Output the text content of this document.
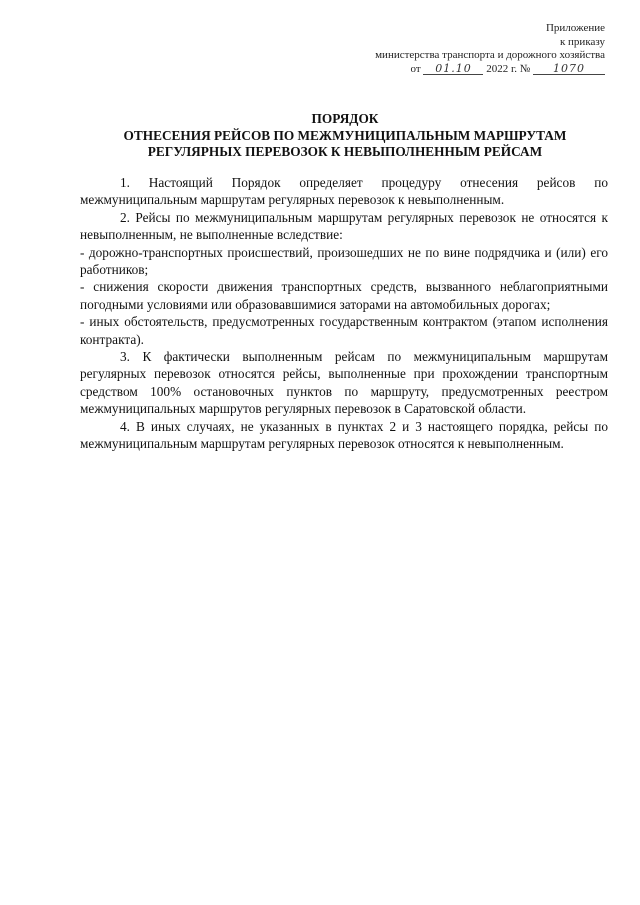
Приложение
к приказу
министерства транспорта и дорожного хозяйства
от 01.10 2022 г. № 1070
ПОРЯДОК
ОТНЕСЕНИЯ РЕЙСОВ ПО МЕЖМУНИЦИПАЛЬНЫМ МАРШРУТАМ
РЕГУЛЯРНЫХ ПЕРЕВОЗОК К НЕВЫПОЛНЕННЫМ РЕЙСАМ

1. Настоящий Порядок определяет процедуру отнесения рейсов по межмуниципальным маршрутам регулярных перевозок к невыполненным.

2. Рейсы по межмуниципальным маршрутам регулярных перевозок не относятся к невыполненным, не выполненные вследствие:

- дорожно-транспортных происшествий, произошедших не по вине подрядчика и (или) его работников;

- снижения скорости движения транспортных средств, вызванного неблагоприятными погодными условиями или образовавшимися заторами на автомобильных дорогах;

- иных обстоятельств, предусмотренных государственным контрактом (этапом исполнения контракта).

3. К фактически выполненным рейсам по межмуниципальным маршрутам регулярных перевозок относятся рейсы, выполненные при прохождении транспортным средством 100% остановочных пунктов по маршруту, предусмотренных реестром межмуниципальных маршрутов регулярных перевозок в Саратовской области.

4. В иных случаях, не указанных в пунктах 2 и 3 настоящего порядка, рейсы по межмуниципальным маршрутам регулярных перевозок относятся к невыполненным.
